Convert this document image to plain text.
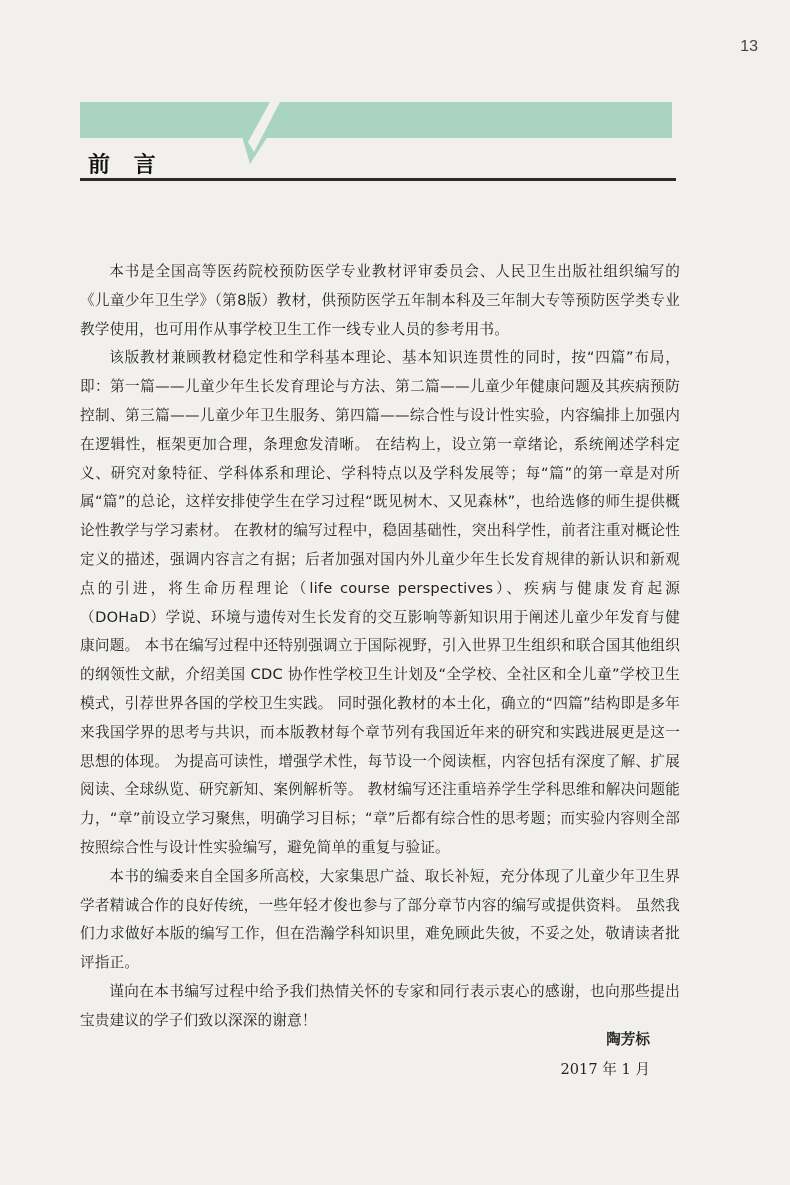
13
前 言

本书是全国高等医药院校预防医学专业教材评审委员会、人民卫生出版社组织编写的《儿童少年卫生学》（第8版）教材，供预防医学五年制本科及三年制大专等预防医学类专业教学使用，也可用作从事学校卫生工作一线专业人员的参考用书。

该版教材兼顾教材稳定性和学科基本理论、基本知识连贯性的同时，按“四篇”布局，即：第一篇——儿童少年生长发育理论与方法、第二篇——儿童少年健康问题及其疾病预防控制、第三篇——儿童少年卫生服务、第四篇——综合性与设计性实验，内容编排上加强内在逻辑性，框架更加合理，条理愈发清晰。 在结构上，设立第一章绪论，系统阐述学科定义、研究对象特征、学科体系和理论、学科特点以及学科发展等；每“篇”的第一章是对所属“篇”的总论，这样安排使学生在学习过程“既见树木、又见森林”，也给选修的师生提供概论性教学与学习素材。 在教材的编写过程中，稳固基础性，突出科学性，前者注重对概论性定义的描述，强调内容言之有据；后者加强对国内外儿童少年生长发育规律的新认识和新观点的引进，将生命历程理论（life course perspectives）、疾病与健康发育起源（DOHaD）学说、环境与遗传对生长发育的交互影响等新知识用于阐述儿童少年发育与健康问题。 本书在编写过程中还特别强调立于国际视野，引入世界卫生组织和联合国其他组织的纲领性文献，介绍美国 CDC 协作性学校卫生计划及“全学校、全社区和全儿童”学校卫生模式，引荐世界各国的学校卫生实践。 同时强化教材的本土化，确立的“四篇”结构即是多年来我国学界的思考与共识，而本版教材每个章节列有我国近年来的研究和实践进展更是这一思想的体现。 为提高可读性，增强学术性，每节设一个阅读框，内容包括有深度了解、扩展阅读、全球纵览、研究新知、案例解析等。 教材编写还注重培养学生学科思维和解决问题能力，“章”前设立学习聚焦，明确学习目标；“章”后都有综合性的思考题；而实验内容则全部按照综合性与设计性实验编写，避免简单的重复与验证。

本书的编委来自全国多所高校，大家集思广益、取长补短，充分体现了儿童少年卫生界学者精诚合作的良好传统，一些年轻才俊也参与了部分章节内容的编写或提供资料。 虽然我们力求做好本版的编写工作，但在浩瀚学科知识里，难免顾此失彼，不妥之处，敬请读者批评指正。

谨向在本书编写过程中给予我们热情关怀的专家和同行表示衷心的感谢，也向那些提出宝贵建议的学子们致以深深的谢意！

陶芳标
2017 年 1 月
